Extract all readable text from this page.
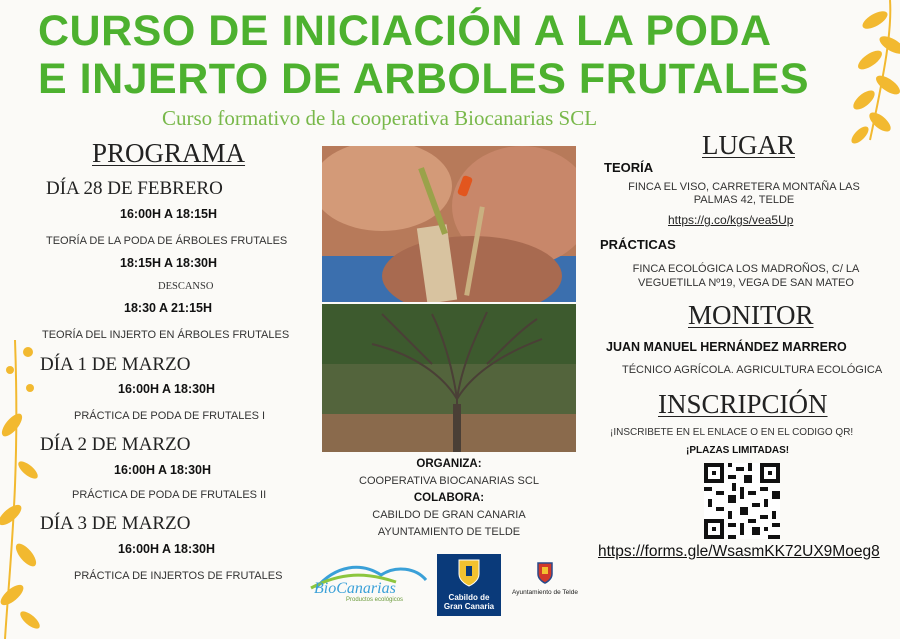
CURSO DE INICIACIÓN A LA PODA
E INJERTO DE ARBOLES FRUTALES
Curso formativo de la cooperativa Biocanarias SCL
PROGRAMA
DÍA 28 DE FEBRERO
16:00H A 18:15H
TEORÍA DE LA PODA DE ÁRBOLES FRUTALES
18:15H A 18:30H
DESCANSO
18:30 A 21:15H
TEORÍA DEL INJERTO EN ÁRBOLES FRUTALES
DÍA 1 DE MARZO
16:00H A 18:30H
PRÁCTICA DE PODA DE FRUTALES I
DÍA 2 DE MARZO
16:00H A 18:30H
PRÁCTICA DE PODA DE FRUTALES II
DÍA 3 DE MARZO
16:00H A 18:30H
PRÁCTICA DE INJERTOS DE FRUTALES
ORGANIZA:
COOPERATIVA BIOCANARIAS SCL
COLABORA:
CABILDO DE GRAN CANARIA
AYUNTAMIENTO DE TELDE
BioCanarias
Productos ecológicos	Cabildo de
Gran Canaria
Ayuntamiento de Telde
LUGAR
TEORÍA
FINCA EL VISO, CARRETERA MONTAÑA LAS
PALMAS 42, TELDE
https://g.co/kgs/vea5Up
PRÁCTICAS
FINCA ECOLÓGICA LOS MADROÑOS, C/ LA
VEGUETILLA Nº19, VEGA DE SAN MATEO
MONITOR
JUAN MANUEL HERNÁNDEZ MARRERO
TÉCNICO AGRÍCOLA. AGRICULTURA ECOLÓGICA
INSCRIPCIÓN
¡INSCRIBETE EN EL ENLACE O EN EL CODIGO QR!
¡PLAZAS LIMITADAS!
https://forms.gle/WsasmKK72UX9Moeg8
